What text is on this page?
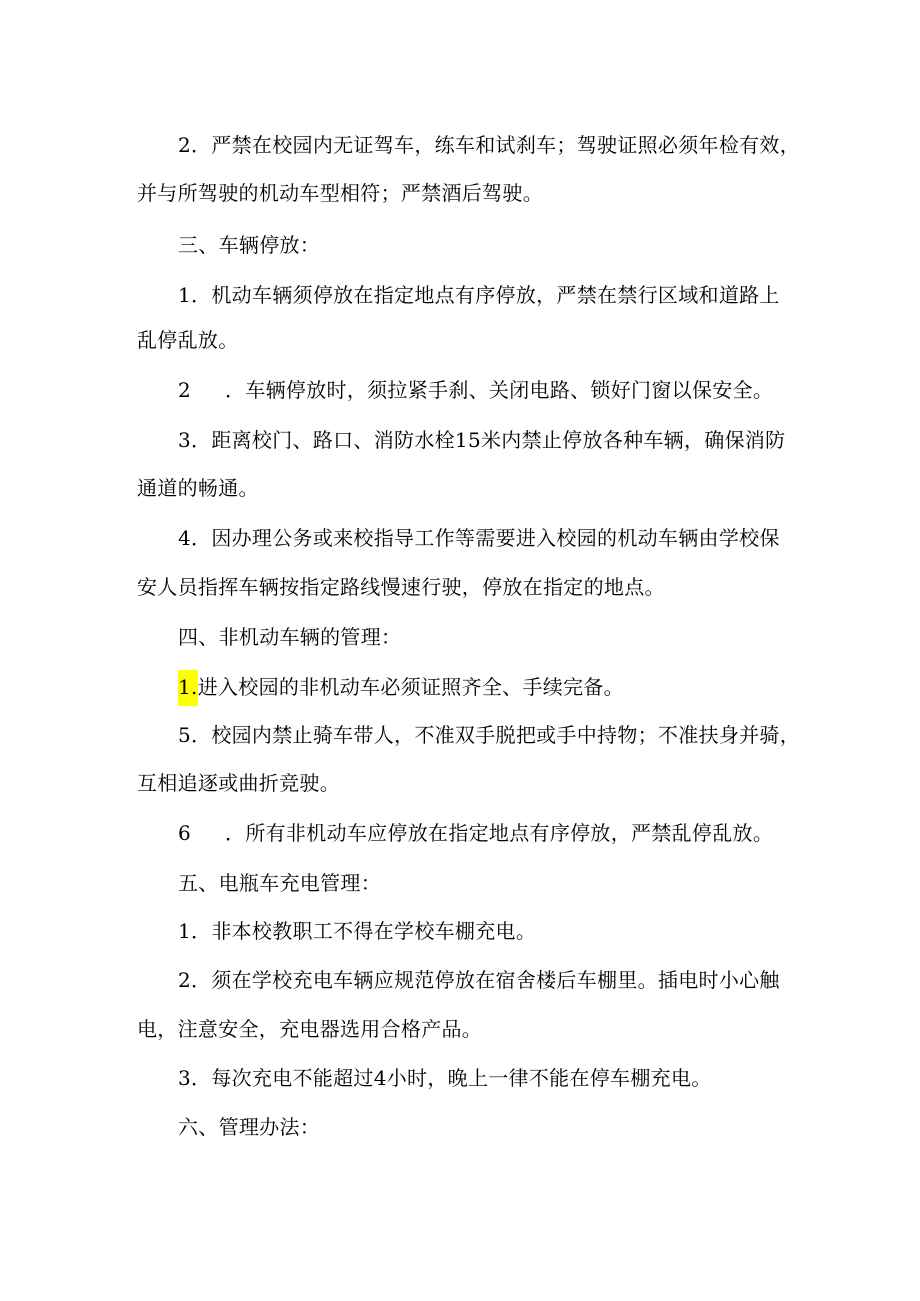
2．严禁在校园内无证驾车，练车和试刹车；驾驶证照必须年检有效，
并与所驾驶的机动车型相符；严禁酒后驾驶。
三、车辆停放：
1．机动车辆须停放在指定地点有序停放，严禁在禁行区域和道路上
乱停乱放。
2 ．车辆停放时，须拉紧手刹、关闭电路、锁好门窗以保安全。
3．距离校门、路口、消防水栓15米内禁止停放各种车辆，确保消防
通道的畅通。
4．因办理公务或来校指导工作等需要进入校园的机动车辆由学校保
安人员指挥车辆按指定路线慢速行驶，停放在指定的地点。
四、非机动车辆的管理：
1.进入校园的非机动车必须证照齐全、手续完备。
5．校园内禁止骑车带人，不准双手脱把或手中持物；不准扶身并骑，
互相追逐或曲折竞驶。
6 ．所有非机动车应停放在指定地点有序停放，严禁乱停乱放。
五、电瓶车充电管理：
1．非本校教职工不得在学校车棚充电。
2．须在学校充电车辆应规范停放在宿舍楼后车棚里。插电时小心触
电，注意安全，充电器选用合格产品。
3．每次充电不能超过4小时，晚上一律不能在停车棚充电。
六、管理办法：
